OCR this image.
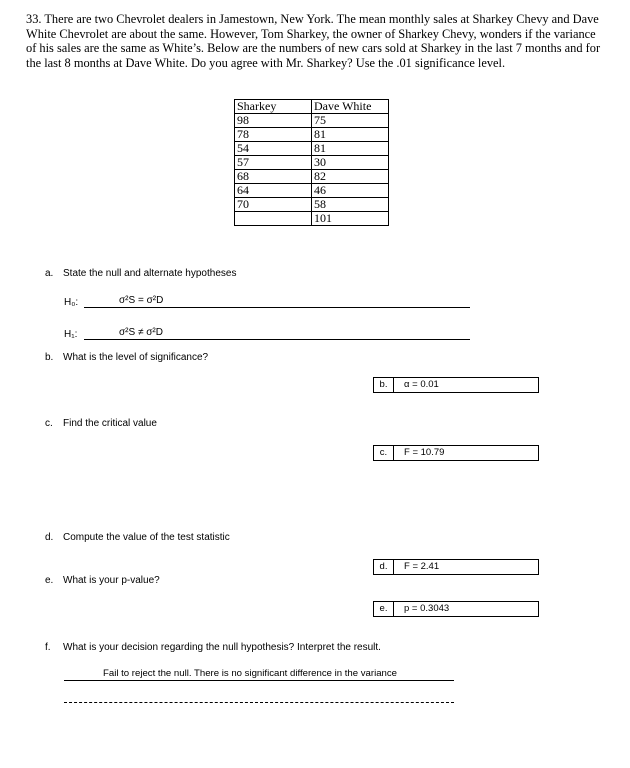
33. There are two Chevrolet dealers in Jamestown, New York. The mean monthly sales at Sharkey Chevy and Dave White Chevrolet are about the same. However, Tom Sharkey, the owner of Sharkey Chevy, wonders if the variance of his sales are the same as White’s. Below are the numbers of new cars sold at Sharkey in the last 7 months and for the last 8 months at Dave White. Do you agree with Mr. Sharkey? Use the .01 significance level.
Sharkey	Dave White
98	75
78	81
54	81
57	30
68	82
64	46
70	58
	101
a. State the null and alternate hypotheses
H₀:	σ²S = σ²D
H₁:	σ²S ≠ σ²D
b. What is the level of significance?
b.	α = 0.01
c. Find the critical value
c.	F = 10.79
d. Compute the value of the test statistic
d.	F = 2.41
e. What is your p-value?
e.	p = 0.3043
f. What is your decision regarding the null hypothesis? Interpret the result.
Fail to reject the null. There is no significant difference in the variance
